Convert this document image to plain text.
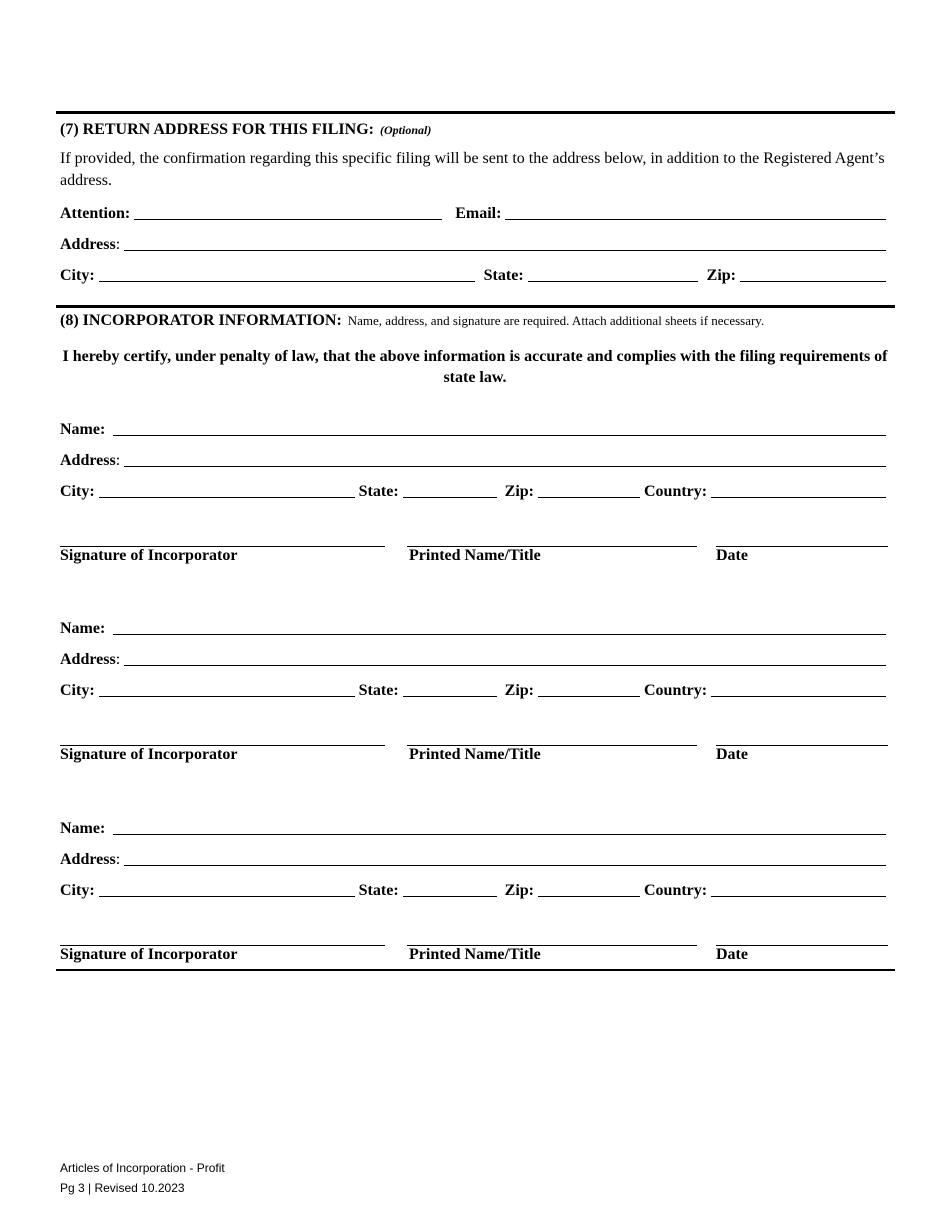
(7) RETURN ADDRESS FOR THIS FILING: (Optional)
If provided, the confirmation regarding this specific filing will be sent to the address below, in addition to the Registered Agent’s address.
Attention:	Email:
Address:
City:	State:	Zip:
(8) INCORPORATOR INFORMATION: Name, address, and signature are required. Attach additional sheets if necessary.
I hereby certify, under penalty of law, that the above information is accurate and complies with the filing requirements of state law.
Name:
Address:
City:	State:	Zip:	Country:
Signature of Incorporator	Printed Name/Title	Date
Name:
Address:
City:	State:	Zip:	Country:
Signature of Incorporator	Printed Name/Title	Date
Name:
Address:
City:	State:	Zip:	Country:
Signature of Incorporator	Printed Name/Title	Date
Articles of Incorporation - Profit
Pg 3 | Revised 10.2023
